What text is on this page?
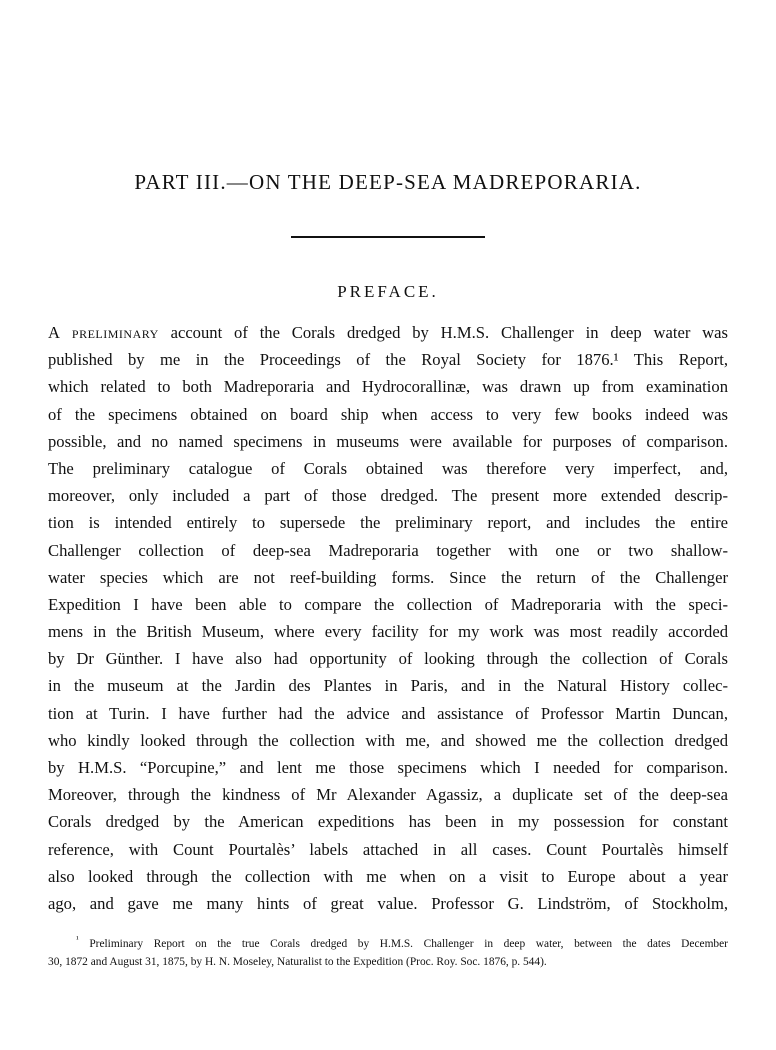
PART III.—ON THE DEEP-SEA MADREPORARIA.
PREFACE.
A preliminary account of the Corals dredged by H.M.S. Challenger in deep water was
published by me in the Proceedings of the Royal Society for 1876.¹ This Report,
which related to both Madreporaria and Hydrocorallinæ, was drawn up from examination
of the specimens obtained on board ship when access to very few books indeed was
possible, and no named specimens in museums were available for purposes of comparison.
The preliminary catalogue of Corals obtained was therefore very imperfect, and,
moreover, only included a part of those dredged. The present more extended descrip-
tion is intended entirely to supersede the preliminary report, and includes the entire
Challenger collection of deep-sea Madreporaria together with one or two shallow-
water species which are not reef-building forms. Since the return of the Challenger
Expedition I have been able to compare the collection of Madreporaria with the speci-
mens in the British Museum, where every facility for my work was most readily accorded
by Dr Günther. I have also had opportunity of looking through the collection of Corals
in the museum at the Jardin des Plantes in Paris, and in the Natural History collec-
tion at Turin. I have further had the advice and assistance of Professor Martin Duncan,
who kindly looked through the collection with me, and showed me the collection dredged
by H.M.S. “Porcupine,” and lent me those specimens which I needed for comparison.
Moreover, through the kindness of Mr Alexander Agassiz, a duplicate set of the deep-sea
Corals dredged by the American expeditions has been in my possession for constant
reference, with Count Pourtalès’ labels attached in all cases. Count Pourtalès himself
also looked through the collection with me when on a visit to Europe about a year
ago, and gave me many hints of great value. Professor G. Lindström, of Stockholm,
$^{^1}$ Preliminary Report on the true Corals dredged by H.M.S. Challenger in deep water, between the dates December
30, 1872 and August 31, 1875, by H. N. Moseley, Naturalist to the Expedition (Proc. Roy. Soc. 1876, p. 544).
